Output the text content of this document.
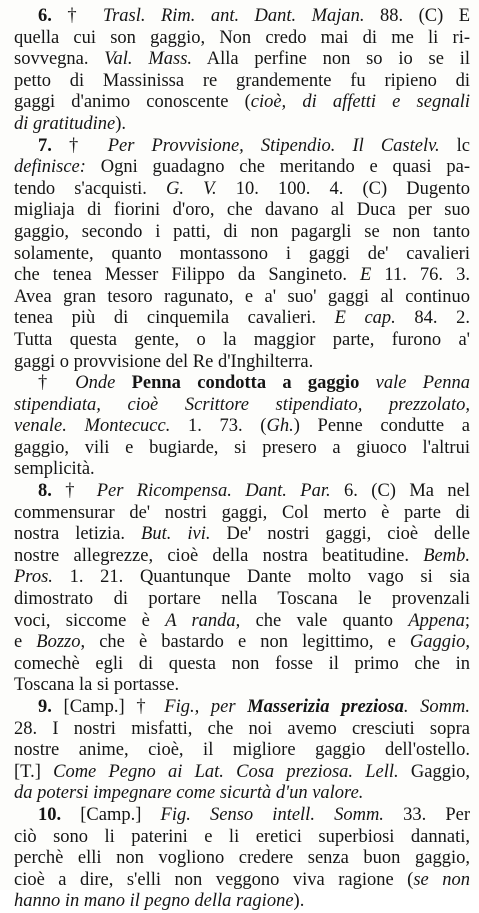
6. † Trasl. Rim. ant. Dant. Majan. 88. (C) E
quella cui son gaggio, Non credo mai di me li ri-
sovvegna. Val. Mass. Alla perfine non so io se il
petto di Massinissa re grandemente fu ripieno di
gaggi d'animo conoscente (cioè, di affetti e segnali
di gratitudine).
7. † Per Provvisione, Stipendio. Il Castelv. lc
definisce: Ogni guadagno che meritando e quasi pa-
tendo s'acquisti. G. V. 10. 100. 4. (C) Dugento
migliaja di fiorini d'oro, che davano al Duca per suo
gaggio, secondo i patti, di non pagargli se non tanto
solamente, quanto montassono i gaggi de' cavalieri
che tenea Messer Filippo da Sanginetо. E 11. 76. 3.
Avea gran tesoro ragunato, e a' suo' gaggi al continuo
tenea più di cinquemila cavalieri. E cap. 84. 2.
Tutta questa gente, o la maggior parte, furono a'
gaggi o provvisione del Re d'Inghilterra.
† Onde Penna condotta a gaggio vale Penna
stipendiata, cioè Scrittore stipendiato, prezzolato,
venale. Montecucc. 1. 73. (Gh.) Penne condutte a
gaggio, vili e bugiarde, si presero a giuoco l'altrui
semplicità.
8. † Per Ricompensa. Dant. Par. 6. (C) Ma nel
commensurar de' nostri gaggi, Col merto è parte di
nostra letizia. But. ivi. De' nostri gaggi, cioè delle
nostre allegrezze, cioè della nostra beatitudine. Bemb.
Pros. 1. 21. Quantunque Dante molto vago si sia
dimostrato di portare nella Toscana le provenzali
voci, siccome è A randa, che vale quanto Appena;
e Bozzo, che è bastardo e non legittimo, e Gaggio,
comechè egli di questa non fosse il primo che in
Toscana la si portasse.
9. [Camp.] † Fig., per Masserizia preziosa. Somm.
28. I nostri misfatti, che noi avemo cresciuti sopra
nostre anime, cioè, il migliore gaggio dell'ostello.
[T.] Come Pegno ai Lat. Cosa preziosa. Lell. Gaggio,
da potersi impegnare come sicurtà d'un valore.
10. [Camp.] Fig. Senso intell. Somm. 33. Per
ciò sono li paterini e li eretici superbiosi dannati,
perchè elli non vogliono credere senza buon gaggio,
cioè a dire, s'elli non veggono viva ragione (se non
hanno in mano il pegno della ragione).
